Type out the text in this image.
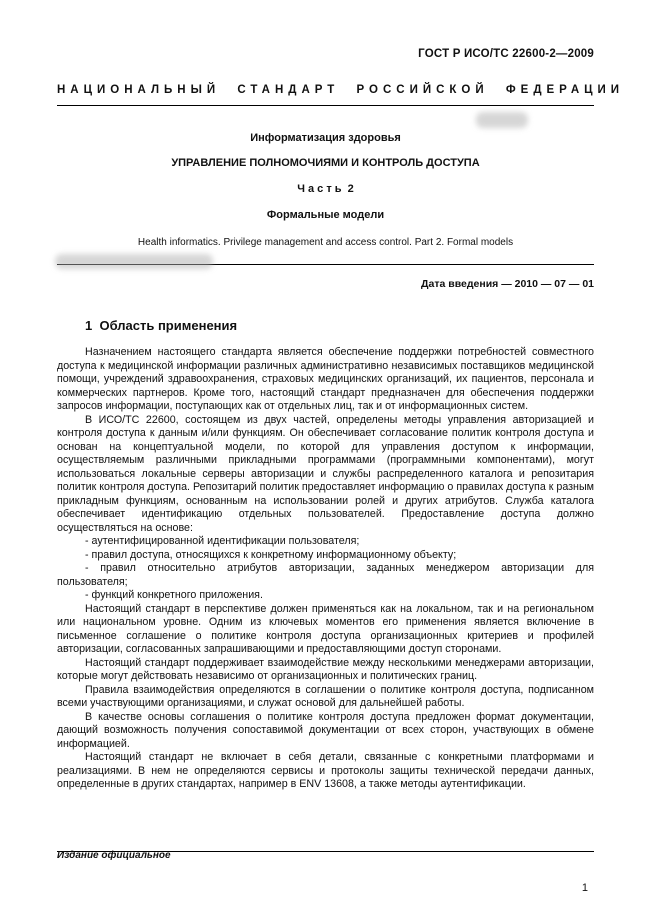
ГОСТ Р ИСО/ТС 22600-2—2009
НАЦИОНАЛЬНЫЙ СТАНДАРТ РОССИЙСКОЙ ФЕДЕРАЦИИ
Информатизация здоровья
УПРАВЛЕНИЕ ПОЛНОМОЧИЯМИ И КОНТРОЛЬ ДОСТУПА
Ч а с т ь  2
Формальные модели
Health informatics. Privilege management and access control. Part 2. Formal models
Дата введения — 2010 — 07 — 01
1  Область применения

Назначением настоящего стандарта является обеспечение поддержки потребностей совместного доступа к медицинской информации различных административно независимых поставщиков медицинской помощи, учреждений здравоохранения, страховых медицинских организаций, их пациентов, персонала и коммерческих партнеров. Кроме того, настоящий стандарт предназначен для обеспечения поддержки запросов информации, поступающих как от отдельных лиц, так и от информационных систем.

В ИСО/ТС 22600, состоящем из двух частей, определены методы управления авторизацией и контроля доступа к данным и/или функциям. Он обеспечивает согласование политик контроля доступа и основан на концептуальной модели, по которой для управления доступом к информации, осуществляемым различными прикладными программами (программными компонентами), могут использоваться локальные серверы авторизации и службы распределенного каталога и репозитария политик контроля доступа. Репозитарий политик предоставляет информацию о правилах доступа к разным прикладным функциям, основанным на использовании ролей и других атрибутов. Служба каталога обеспечивает идентификацию отдельных пользователей. Предоставление доступа должно осуществляться на основе:

- аутентифицированной идентификации пользователя;

- правил доступа, относящихся к конкретному информационному объекту;

- правил относительно атрибутов авторизации, заданных менеджером авторизации для пользователя;

- функций конкретного приложения.

Настоящий стандарт в перспективе должен применяться как на локальном, так и на региональном или национальном уровне. Одним из ключевых моментов его применения является включение в письменное соглашение о политике контроля доступа организационных критериев и профилей авторизации, согласованных запрашивающими и предоставляющими доступ сторонами.

Настоящий стандарт поддерживает взаимодействие между несколькими менеджерами авторизации, которые могут действовать независимо от организационных и политических границ.

Правила взаимодействия определяются в соглашении о политике контроля доступа, подписанном всеми участвующими организациями, и служат основой для дальнейшей работы.

В качестве основы соглашения о политике контроля доступа предложен формат документации, дающий возможность получения сопоставимой документации от всех сторон, участвующих в обмене информацией.

Настоящий стандарт не включает в себя детали, связанные с конкретными платформами и реализациями. В нем не определяются сервисы и протоколы защиты технической передачи данных, определенные в других стандартах, например в ENV 13608, а также методы аутентификации.

Издание официальное
1
